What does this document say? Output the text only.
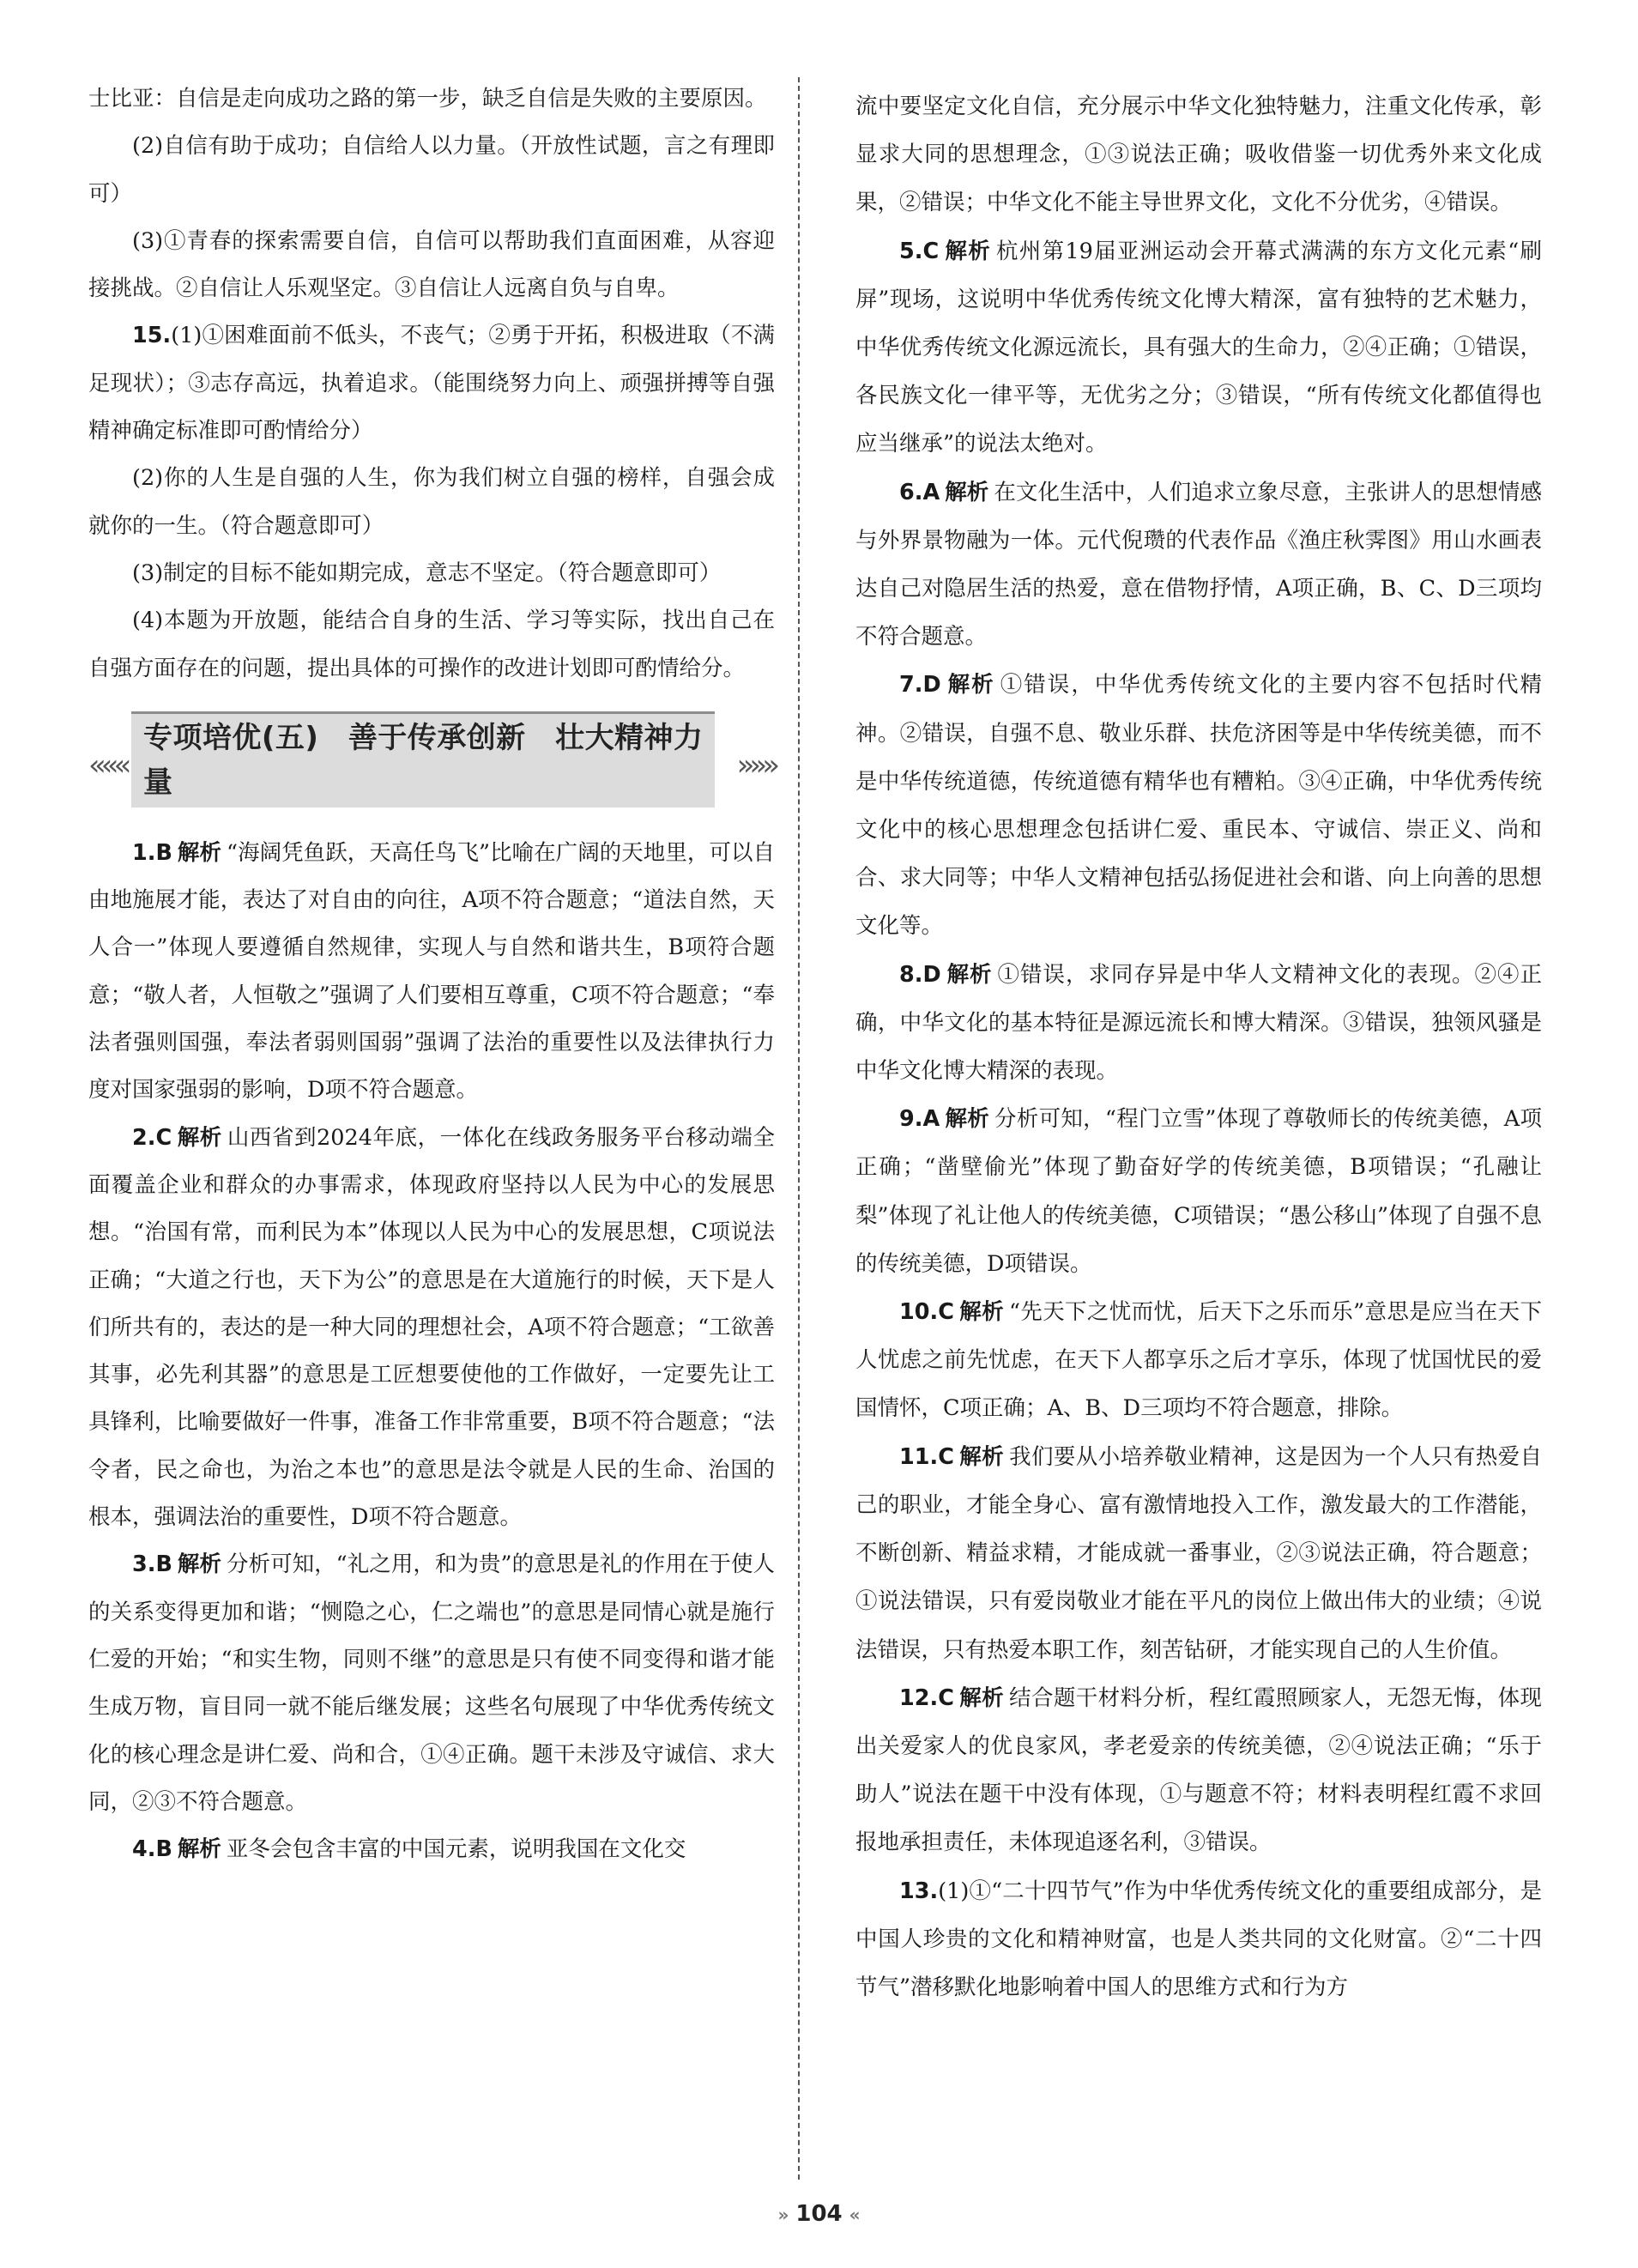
士比亚：自信是走向成功之路的第一步，缺乏自信是失败的主要原因。

(2)自信有助于成功；自信给人以力量。（开放性试题，言之有理即可）

(3)①青春的探索需要自信，自信可以帮助我们直面困难，从容迎接挑战。②自信让人乐观坚定。③自信让人远离自负与自卑。

15.(1)①困难面前不低头，不丧气；②勇于开拓，积极进取（不满足现状）；③志存高远，执着追求。（能围绕努力向上、顽强拼搏等自强精神确定标准即可酌情给分）

(2)你的人生是自强的人生，你为我们树立自强的榜样，自强会成就你的一生。（符合题意即可）

(3)制定的目标不能如期完成，意志不坚定。（符合题意即可）

(4)本题为开放题，能结合自身的生活、学习等实际，找出自己在自强方面存在的问题，提出具体的可操作的改进计划即可酌情给分。

«««
专项培优(五)　善于传承创新　壮大精神力量	»»»

1.B 解析 “海阔凭鱼跃，天高任鸟飞”比喻在广阔的天地里，可以自由地施展才能，表达了对自由的向往，A项不符合题意；“道法自然，天人合一”体现人要遵循自然规律，实现人与自然和谐共生，B项符合题意；“敬人者，人恒敬之”强调了人们要相互尊重，C项不符合题意；“奉法者强则国强，奉法者弱则国弱”强调了法治的重要性以及法律执行力度对国家强弱的影响，D项不符合题意。

2.C 解析 山西省到2024年底，一体化在线政务服务平台移动端全面覆盖企业和群众的办事需求，体现政府坚持以人民为中心的发展思想。“治国有常，而利民为本”体现以人民为中心的发展思想，C项说法正确；“大道之行也，天下为公”的意思是在大道施行的时候，天下是人们所共有的，表达的是一种大同的理想社会，A项不符合题意；“工欲善其事，必先利其器”的意思是工匠想要使他的工作做好，一定要先让工具锋利，比喻要做好一件事，准备工作非常重要，B项不符合题意；“法令者，民之命也，为治之本也”的意思是法令就是人民的生命、治国的根本，强调法治的重要性，D项不符合题意。

3.B 解析 分析可知，“礼之用，和为贵”的意思是礼的作用在于使人的关系变得更加和谐；“恻隐之心，仁之端也”的意思是同情心就是施行仁爱的开始；“和实生物，同则不继”的意思是只有使不同变得和谐才能生成万物，盲目同一就不能后继发展；这些名句展现了中华优秀传统文化的核心理念是讲仁爱、尚和合，①④正确。题干未涉及守诚信、求大同，②③不符合题意。

4.B 解析 亚冬会包含丰富的中国元素，说明我国在文化交

流中要坚定文化自信，充分展示中华文化独特魅力，注重文化传承，彰显求大同的思想理念，①③说法正确；吸收借鉴一切优秀外来文化成果，②错误；中华文化不能主导世界文化，文化不分优劣，④错误。

5.C 解析 杭州第19届亚洲运动会开幕式满满的东方文化元素“刷屏”现场，这说明中华优秀传统文化博大精深，富有独特的艺术魅力，中华优秀传统文化源远流长，具有强大的生命力，②④正确；①错误，各民族文化一律平等，无优劣之分；③错误，“所有传统文化都值得也应当继承”的说法太绝对。

6.A 解析 在文化生活中，人们追求立象尽意，主张讲人的思想情感与外界景物融为一体。元代倪瓒的代表作品《渔庄秋霁图》用山水画表达自己对隐居生活的热爱，意在借物抒情，A项正确，B、C、D三项均不符合题意。

7.D 解析 ①错误，中华优秀传统文化的主要内容不包括时代精神。②错误，自强不息、敬业乐群、扶危济困等是中华传统美德，而不是中华传统道德，传统道德有精华也有糟粕。③④正确，中华优秀传统文化中的核心思想理念包括讲仁爱、重民本、守诚信、崇正义、尚和合、求大同等；中华人文精神包括弘扬促进社会和谐、向上向善的思想文化等。

8.D 解析 ①错误，求同存异是中华人文精神文化的表现。②④正确，中华文化的基本特征是源远流长和博大精深。③错误，独领风骚是中华文化博大精深的表现。

9.A 解析 分析可知，“程门立雪”体现了尊敬师长的传统美德，A项正确；“凿壁偷光”体现了勤奋好学的传统美德，B项错误；“孔融让梨”体现了礼让他人的传统美德，C项错误；“愚公移山”体现了自强不息的传统美德，D项错误。

10.C 解析 “先天下之忧而忧，后天下之乐而乐”意思是应当在天下人忧虑之前先忧虑，在天下人都享乐之后才享乐，体现了忧国忧民的爱国情怀，C项正确；A、B、D三项均不符合题意，排除。

11.C 解析 我们要从小培养敬业精神，这是因为一个人只有热爱自己的职业，才能全身心、富有激情地投入工作，激发最大的工作潜能，不断创新、精益求精，才能成就一番事业，②③说法正确，符合题意；①说法错误，只有爱岗敬业才能在平凡的岗位上做出伟大的业绩；④说法错误，只有热爱本职工作，刻苦钻研，才能实现自己的人生价值。

12.C 解析 结合题干材料分析，程红霞照顾家人，无怨无悔，体现出关爱家人的优良家风，孝老爱亲的传统美德，②④说法正确；“乐于助人”说法在题干中没有体现，①与题意不符；材料表明程红霞不求回报地承担责任，未体现追逐名利，③错误。

13.(1)①“二十四节气”作为中华优秀传统文化的重要组成部分，是中国人珍贵的文化和精神财富，也是人类共同的文化财富。②“二十四节气”潜移默化地影响着中国人的思维方式和行为方

» 104 «
